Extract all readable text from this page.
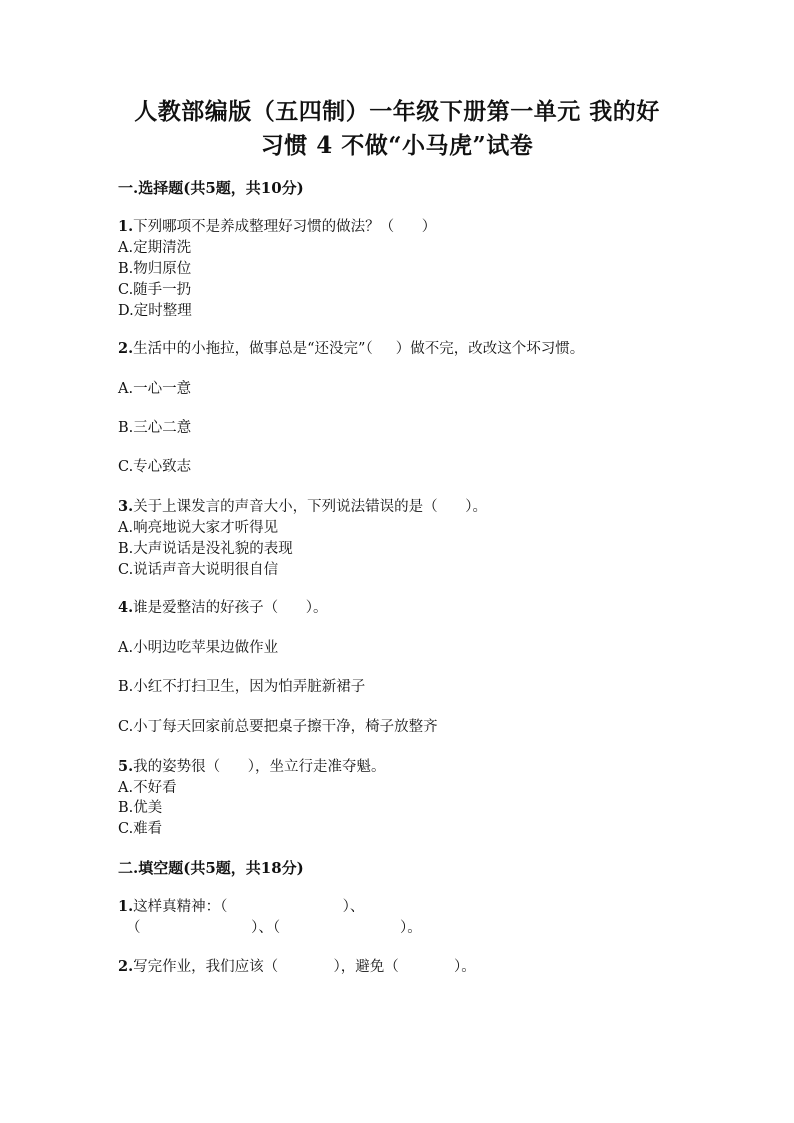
人教部编版（五四制）一年级下册第一单元 我的好
习惯 4 不做“小马虎”试卷
一.选择题(共5题，共10分)
1.下列哪项不是养成整理好习惯的做法？（      ）
A.定期清洗
B.物归原位
C.随手一扔
D.定时整理
2.生活中的小拖拉，做事总是“还没完”（     ）做不完，改改这个坏习惯。
A.一心一意
B.三心二意
C.专心致志
3.关于上课发言的声音大小，下列说法错误的是（      ）。
A.响亮地说大家才听得见
B.大声说话是没礼貌的表现
C.说话声音大说明很自信
4.谁是爱整洁的好孩子（      ）。
A.小明边吃苹果边做作业
B.小红不打扫卫生，因为怕弄脏新裙子
C.小丁每天回家前总要把桌子擦干净，椅子放整齐
5.我的姿势很（      ），坐立行走准夺魁。
A.不好看
B.优美
C.难看
二.填空题(共5题，共18分)
1.这样真精神：（                         ）、
（                        ）、（                          ）。
2.写完作业，我们应该（            ），避免（            ）。
